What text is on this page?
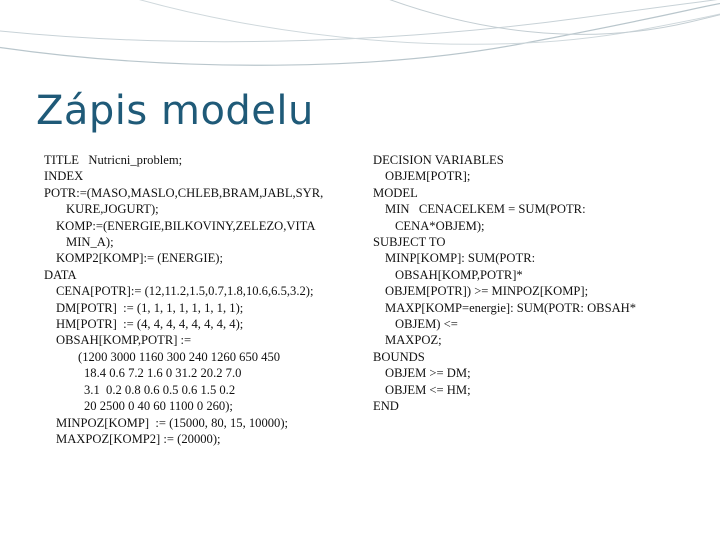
Zápis modelu
TITLE   Nutricni_problem;
INDEX
POTR:=(MASO,MASLO,CHLEB,BRAM,JABL,SYR,
KURE,JOGURT);
KOMP:=(ENERGIE,BILKOVINY,ZELEZO,VITA
MIN_A);
KOMP2[KOMP]:= (ENERGIE);
DATA
CENA[POTR]:= (12,11.2,1.5,0.7,1.8,10.6,6.5,3.2);
DM[POTR]  := (1, 1, 1, 1, 1, 1, 1, 1);
HM[POTR]  := (4, 4, 4, 4, 4, 4, 4, 4);
OBSAH[KOMP,POTR] :=
(1200 3000 1160 300 240 1260 650 450
18.4 0.6 7.2 1.6 0 31.2 20.2 7.0
3.1  0.2 0.8 0.6 0.5 0.6 1.5 0.2
20 2500 0 40 60 1100 0 260);
MINPOZ[KOMP]  := (15000, 80, 15, 10000);
MAXPOZ[KOMP2] := (20000);
DECISION VARIABLES
OBJEM[POTR];
MODEL
MIN   CENACELKEM = SUM(POTR:
CENA*OBJEM);
SUBJECT TO
MINP[KOMP]: SUM(POTR:
OBSAH[KOMP,POTR]*
OBJEM[POTR]) >= MINPOZ[KOMP];
MAXP[KOMP=energie]: SUM(POTR: OBSAH*
OBJEM) <=
MAXPOZ;
BOUNDS
OBJEM >= DM;
OBJEM <= HM;
END
